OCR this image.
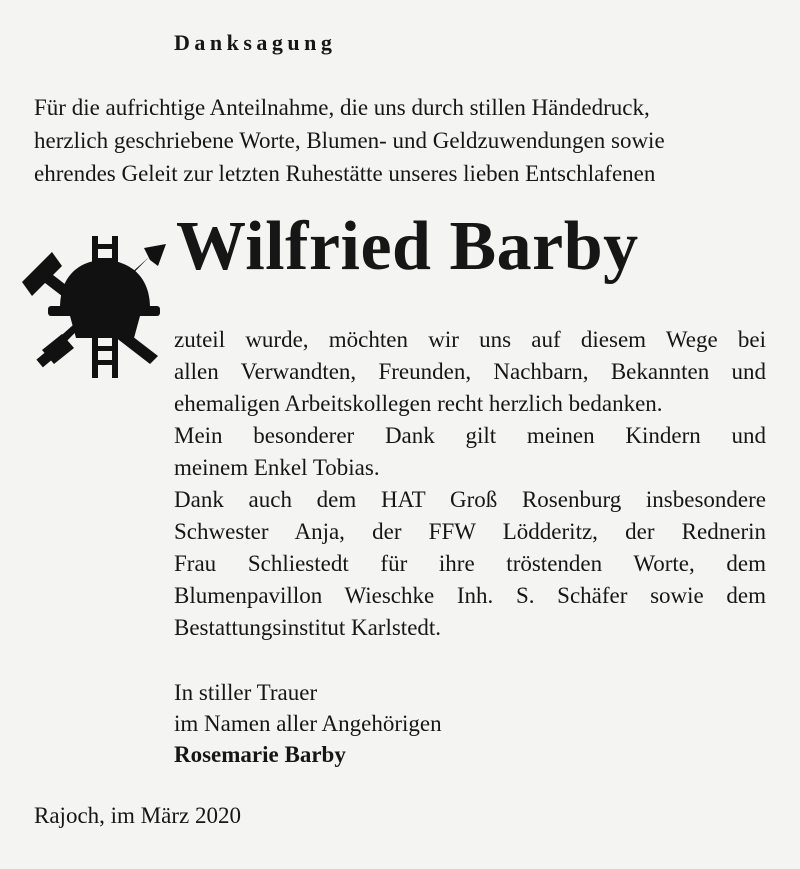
Danksagung
Für die aufrichtige Anteilnahme, die uns durch stillen Händedruck,
herzlich geschriebene Worte, Blumen- und Geldzuwendungen sowie
ehrendes Geleit zur letzten Ruhestätte unseres lieben Entschlafenen
Wilfried Barby
zuteil wurde, möchten wir uns auf diesem Wege bei
allen Verwandten, Freunden, Nachbarn, Bekannten und
ehemaligen Arbeitskollegen recht herzlich bedanken.
Mein besonderer Dank gilt meinen Kindern und
meinem Enkel Tobias.
Dank auch dem HAT Groß Rosenburg insbesondere
Schwester Anja, der FFW Lödderitz, der Rednerin
Frau Schliestedt für ihre tröstenden Worte, dem
Blumenpavillon Wieschke Inh. S. Schäfer sowie dem
Bestattungsinstitut Karlstedt.
In stiller Trauer
im Namen aller Angehörigen
Rosemarie Barby
Rajoch, im März 2020
